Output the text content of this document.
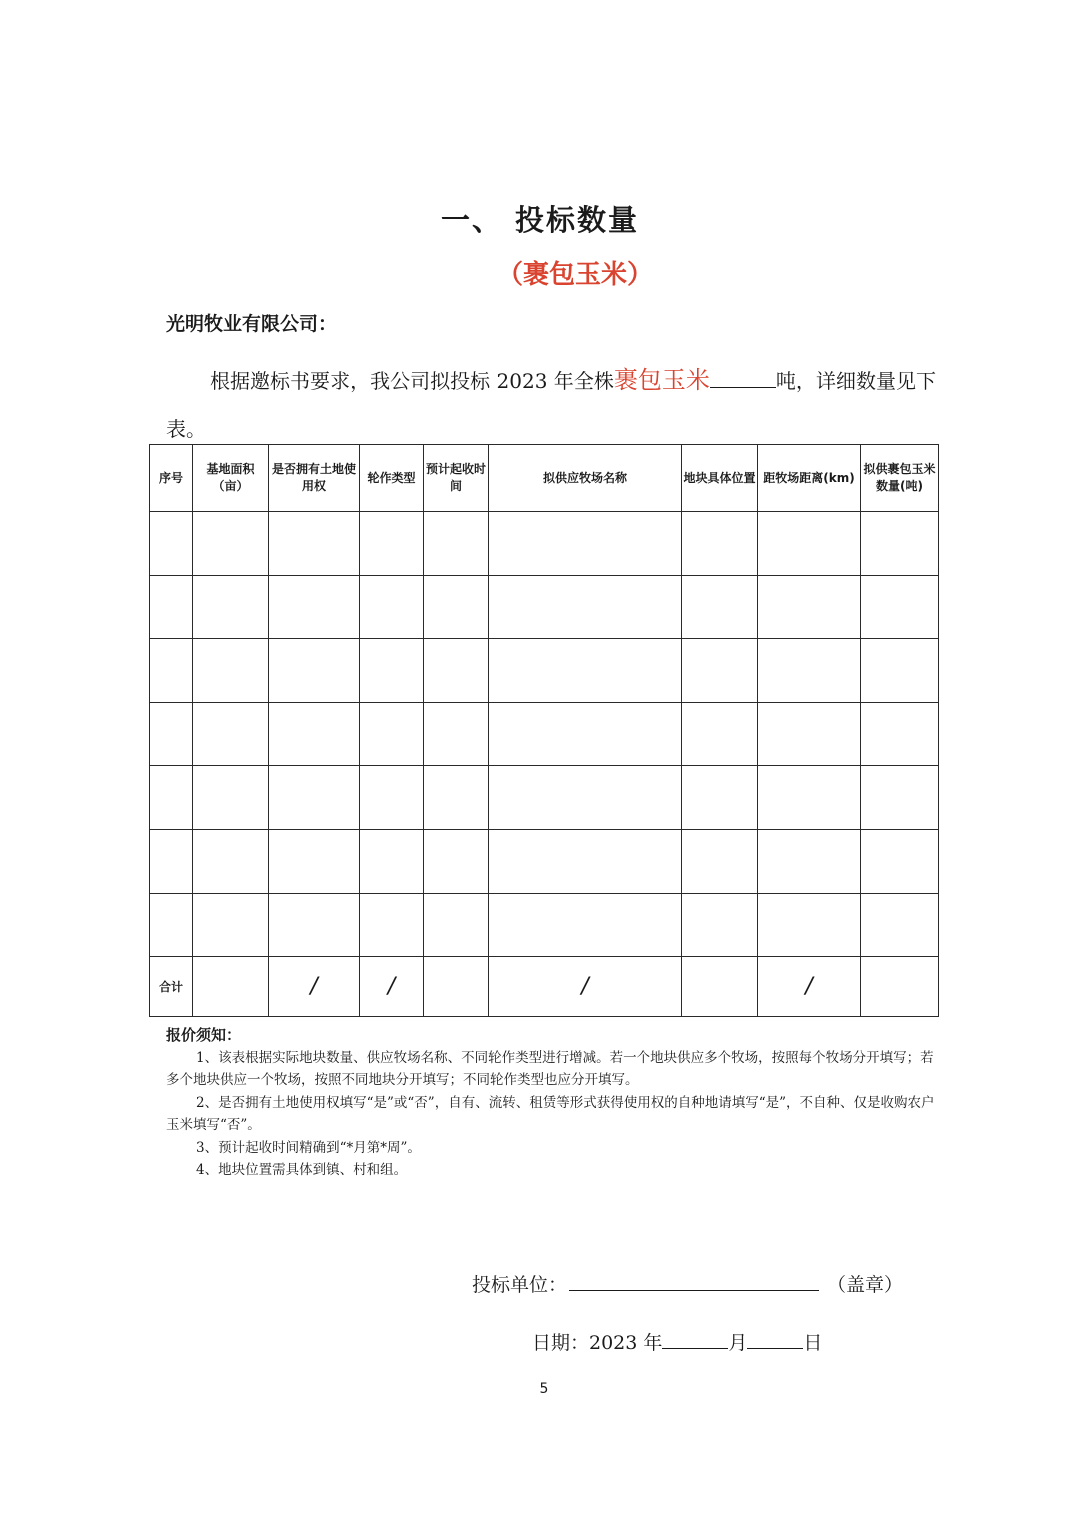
一、 投标数量
（裹包玉米）
光明牧业有限公司：
根据邀标书要求，我公司拟投标 2023 年全株裹包玉米	吨，详细数量见下表。
序号	基地面积（亩）	是否拥有土地使用权	轮作类型	预计起收时间	拟供应牧场名称	地块具体位置	距牧场距离(km)	拟供裹包玉米数量(吨)

合计		/	/		/		/	
报价须知：

1、该表根据实际地块数量、供应牧场名称、不同轮作类型进行增减。若一个地块供应多个牧场，按照每个牧场分开填写；若多个地块供应一个牧场，按照不同地块分开填写；不同轮作类型也应分开填写。

2、是否拥有土地使用权填写“是”或“否”，自有、流转、租赁等形式获得使用权的自种地请填写“是”，不自种、仅是收购农户玉米填写“否”。

3、预计起收时间精确到“*月第*周”。

4、地块位置需具体到镇、村和组。

投标单位：	（盖章）
日期：2023 年	月	日
5
